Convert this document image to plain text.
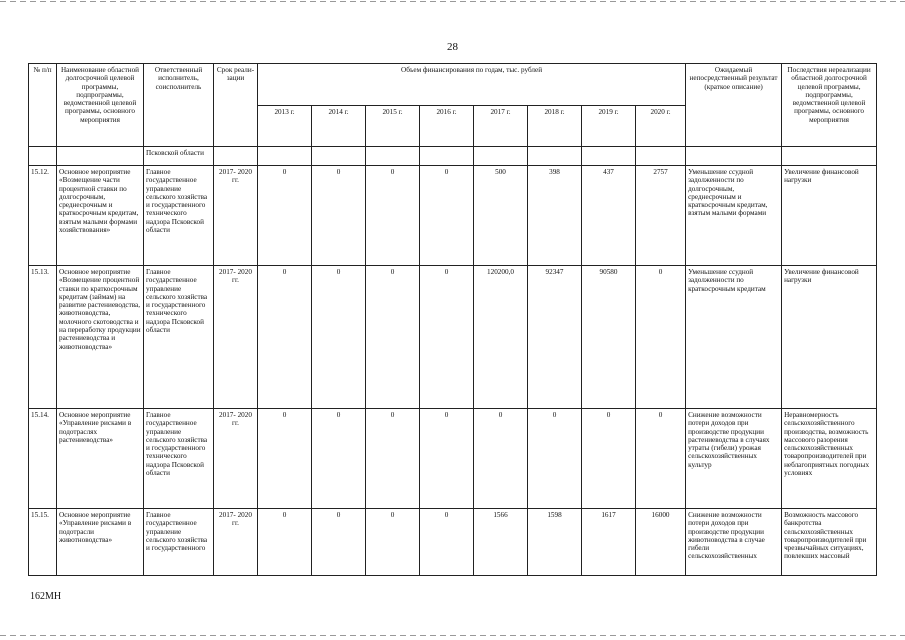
28
№ п/п	Наименование областной долгосрочной целевой программы, подпрограммы, ведомственной целевой программы, основного мероприятия	Ответственный исполнитель, соисполнитель	Срок реали- зации	Объем финансирования по годам, тыс. рублей								Ожидаемый непосредственный результат (краткое описание)	Последствия нереализации областной долгосрочной целевой программы, подпрограммы, ведомственной целевой программы, основного мероприятия
				2013 г.	2014 г.	2015 г.	2016 г.	2017 г.	2018 г.	2019 г.	2020 г.		
		Псковской области											
15.12.	Основное мероприятие «Возмещение части процентной ставки по долгосрочным, среднесрочным и краткосрочным кредитам, взятым малыми формами хозяйствования»	Главное государственное управление сельского хозяйства и государственного технического надзора Псковской области	2017- 2020 гг.	0	0	0	0	500	398	437	2757	Уменьшение ссудной задолженности по долгосрочным, среднесрочным и краткосрочным кредитам, взятым малыми формами	Увеличение финансовой нагрузки
15.13.	Основное мероприятие «Возмещение процентной ставки по краткосрочным кредитам (займам) на развитие растениеводства, животноводства, молочного скотоводства и на переработку продукции растениеводства и животноводства»	Главное государственное управление сельского хозяйства и государственного технического надзора Псковской области	2017- 2020 гг.	0	0	0	0	120200,0	92347	90580	0	Уменьшение ссудной задолженности по краткосрочным кредитам	Увеличение финансовой нагрузки
15.14.	Основное мероприятие «Управление рисками в подотраслях растениеводства»	Главное государственное управление сельского хозяйства и государственного технического надзора Псковской области	2017- 2020 гг.	0	0	0	0	0	0	0	0	Снижение возможности потери доходов при производстве продукции растениеводства в случаях утраты (гибели) урожая сельскохозяйственных культур	Неравномерность сельскохозяйственного производства, возможность массового разорения сельскохозяйственных товаропроизводителей при неблагоприятных погодных условиях
15.15.	Основное мероприятие «Управление рисками в подотрасли животноводства»	Главное государственное управление сельского хозяйства и государственного	2017- 2020 гг.	0	0	0	0	1566	1598	1617	16000	Снижение возможности потери доходов при производстве продукции животноводства в случае гибели сельскохозяйственных	Возможность массового банкротства сельскохозяйственных товаропроизводителей при чрезвычайных ситуациях, повлекших массовый
162МН
